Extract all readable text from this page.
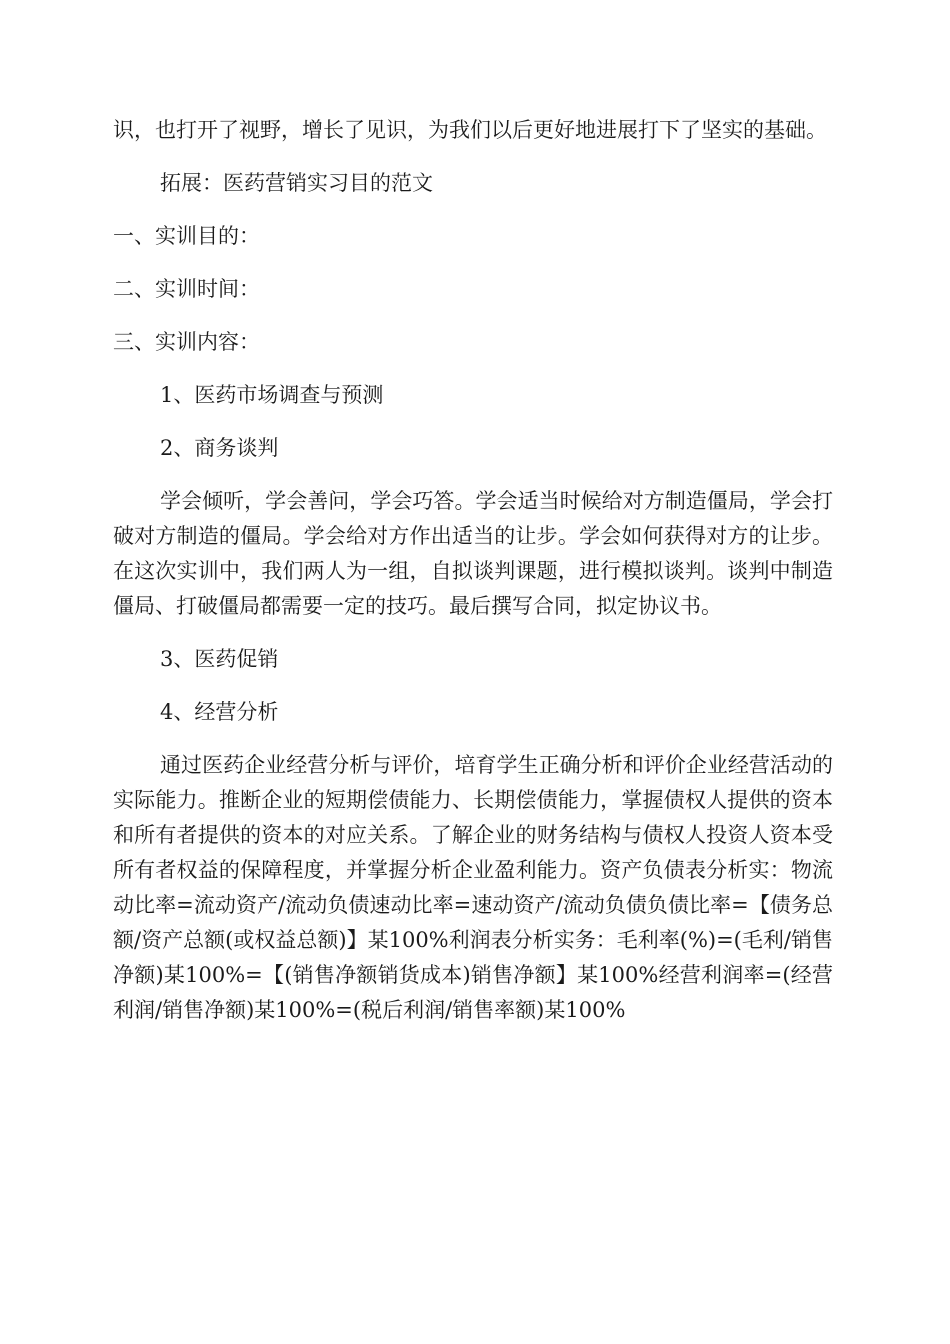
识，也打开了视野，增长了见识，为我们以后更好地进展打下了坚实的基础。

拓展：医药营销实习目的范文

一、实训目的：

二、实训时间：

三、实训内容：

1、医药市场调查与预测

2、商务谈判

学会倾听，学会善问，学会巧答。学会适当时候给对方制造僵局，学会打破对方制造的僵局。学会给对方作出适当的让步。学会如何获得对方的让步。在这次实训中，我们两人为一组，自拟谈判课题，进行模拟谈判。谈判中制造僵局、打破僵局都需要一定的技巧。最后撰写合同，拟定协议书。

3、医药促销

4、经营分析

通过医药企业经营分析与评价，培育学生正确分析和评价企业经营活动的实际能力。推断企业的短期偿债能力、长期偿债能力，掌握债权人提供的资本和所有者提供的资本的对应关系。了解企业的财务结构与债权人投资人资本受所有者权益的保障程度，并掌握分析企业盈利能力。资产负债表分析实：物流动比率=流动资产/流动负债速动比率=速动资产/流动负债负债比率=【债务总额/资产总额(或权益总额)】某100%利润表分析实务：毛利率(%)=(毛利/销售净额)某100%=【(销售净额销货成本)销售净额】某100%经营利润率=(经营利润/销售净额)某100%=(税后利润/销售率额)某100%
